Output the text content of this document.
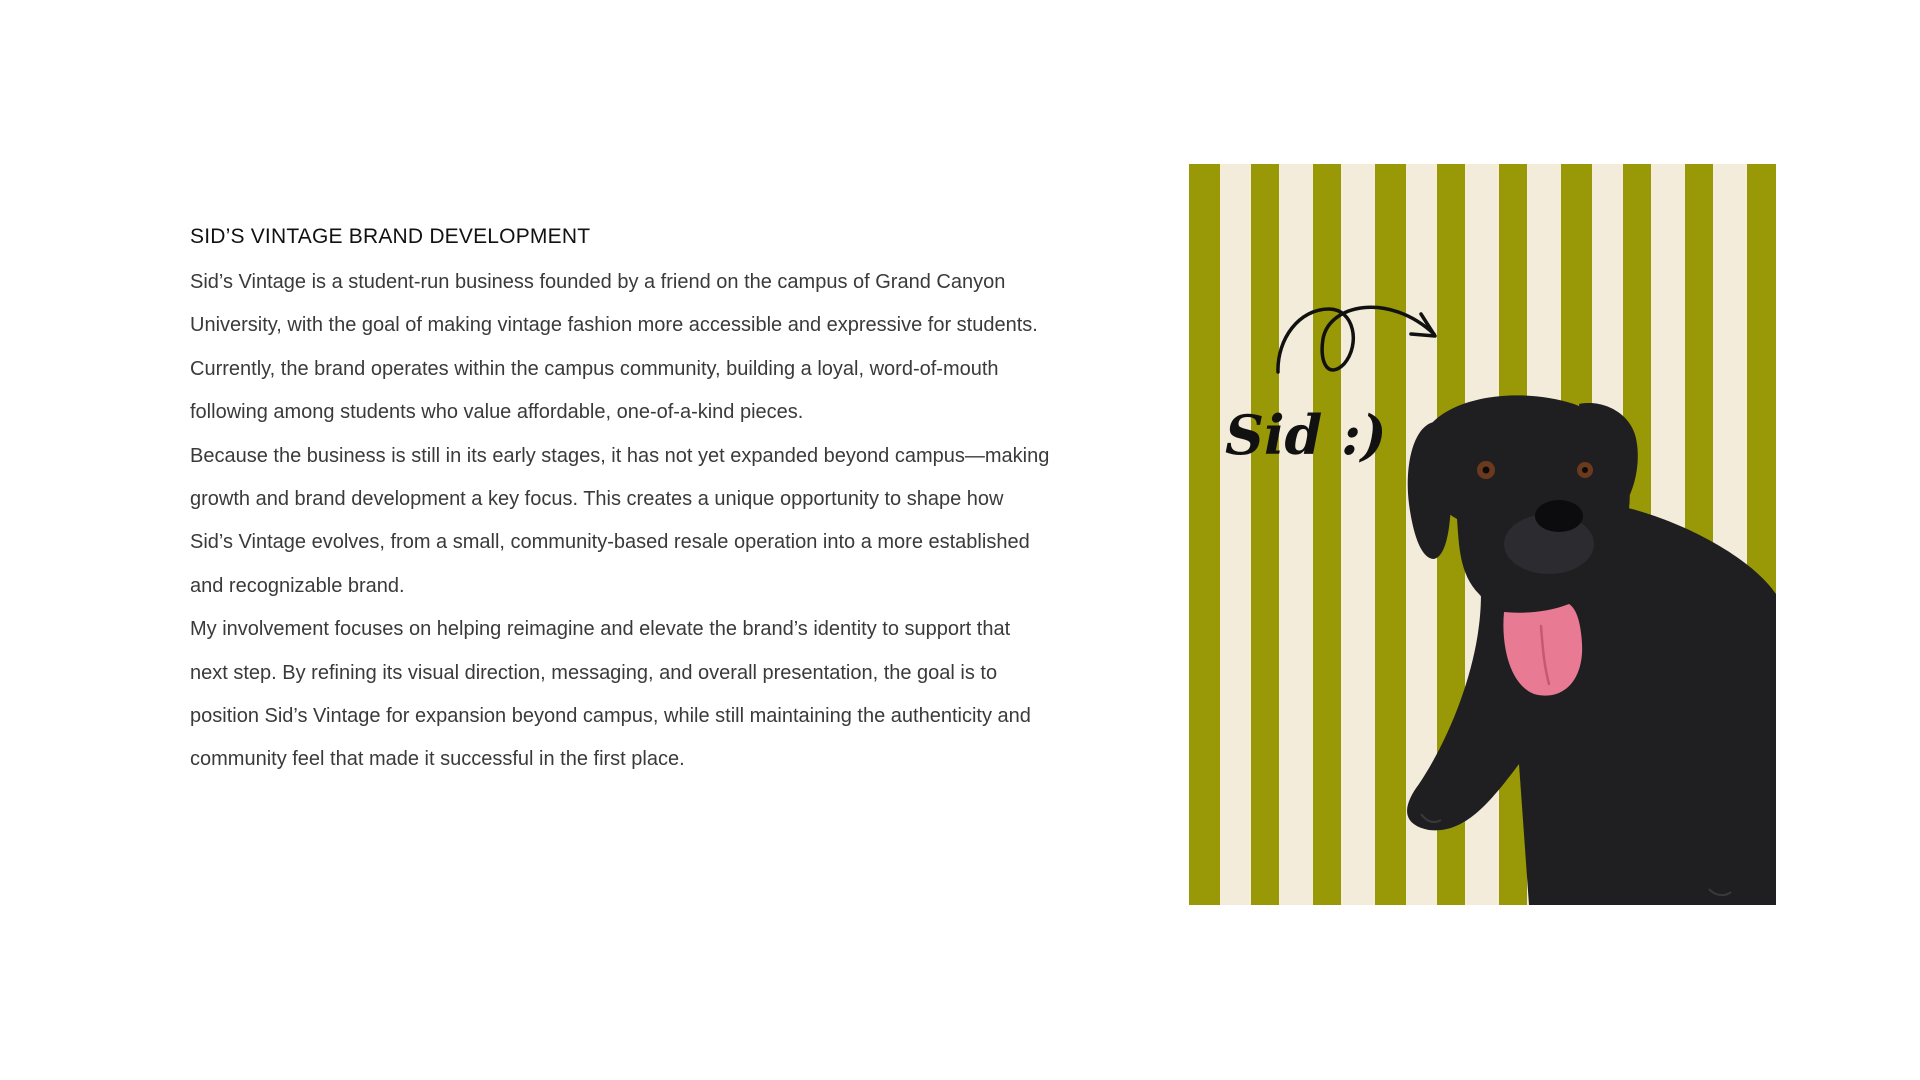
SID’S VINTAGE BRAND DEVELOPMENT

Sid’s Vintage is a student-run business founded by a friend on the campus of Grand Canyon University, with the goal of making vintage fashion more accessible and expressive for students. Currently, the brand operates within the campus community, building a loyal, word-of-mouth following among students who value affordable, one-of-a-kind pieces.

Because the business is still in its early stages, it has not yet expanded beyond campus—making growth and brand development a key focus. This creates a unique opportunity to shape how Sid’s Vintage evolves, from a small, community-based resale operation into a more established and recognizable brand.

My involvement focuses on helping reimagine and elevate the brand’s identity to support that next step. By refining its visual direction, messaging, and overall presentation, the goal is to position Sid’s Vintage for expansion beyond campus, while still maintaining the authenticity and community feel that made it successful in the first place.

Sid :)
